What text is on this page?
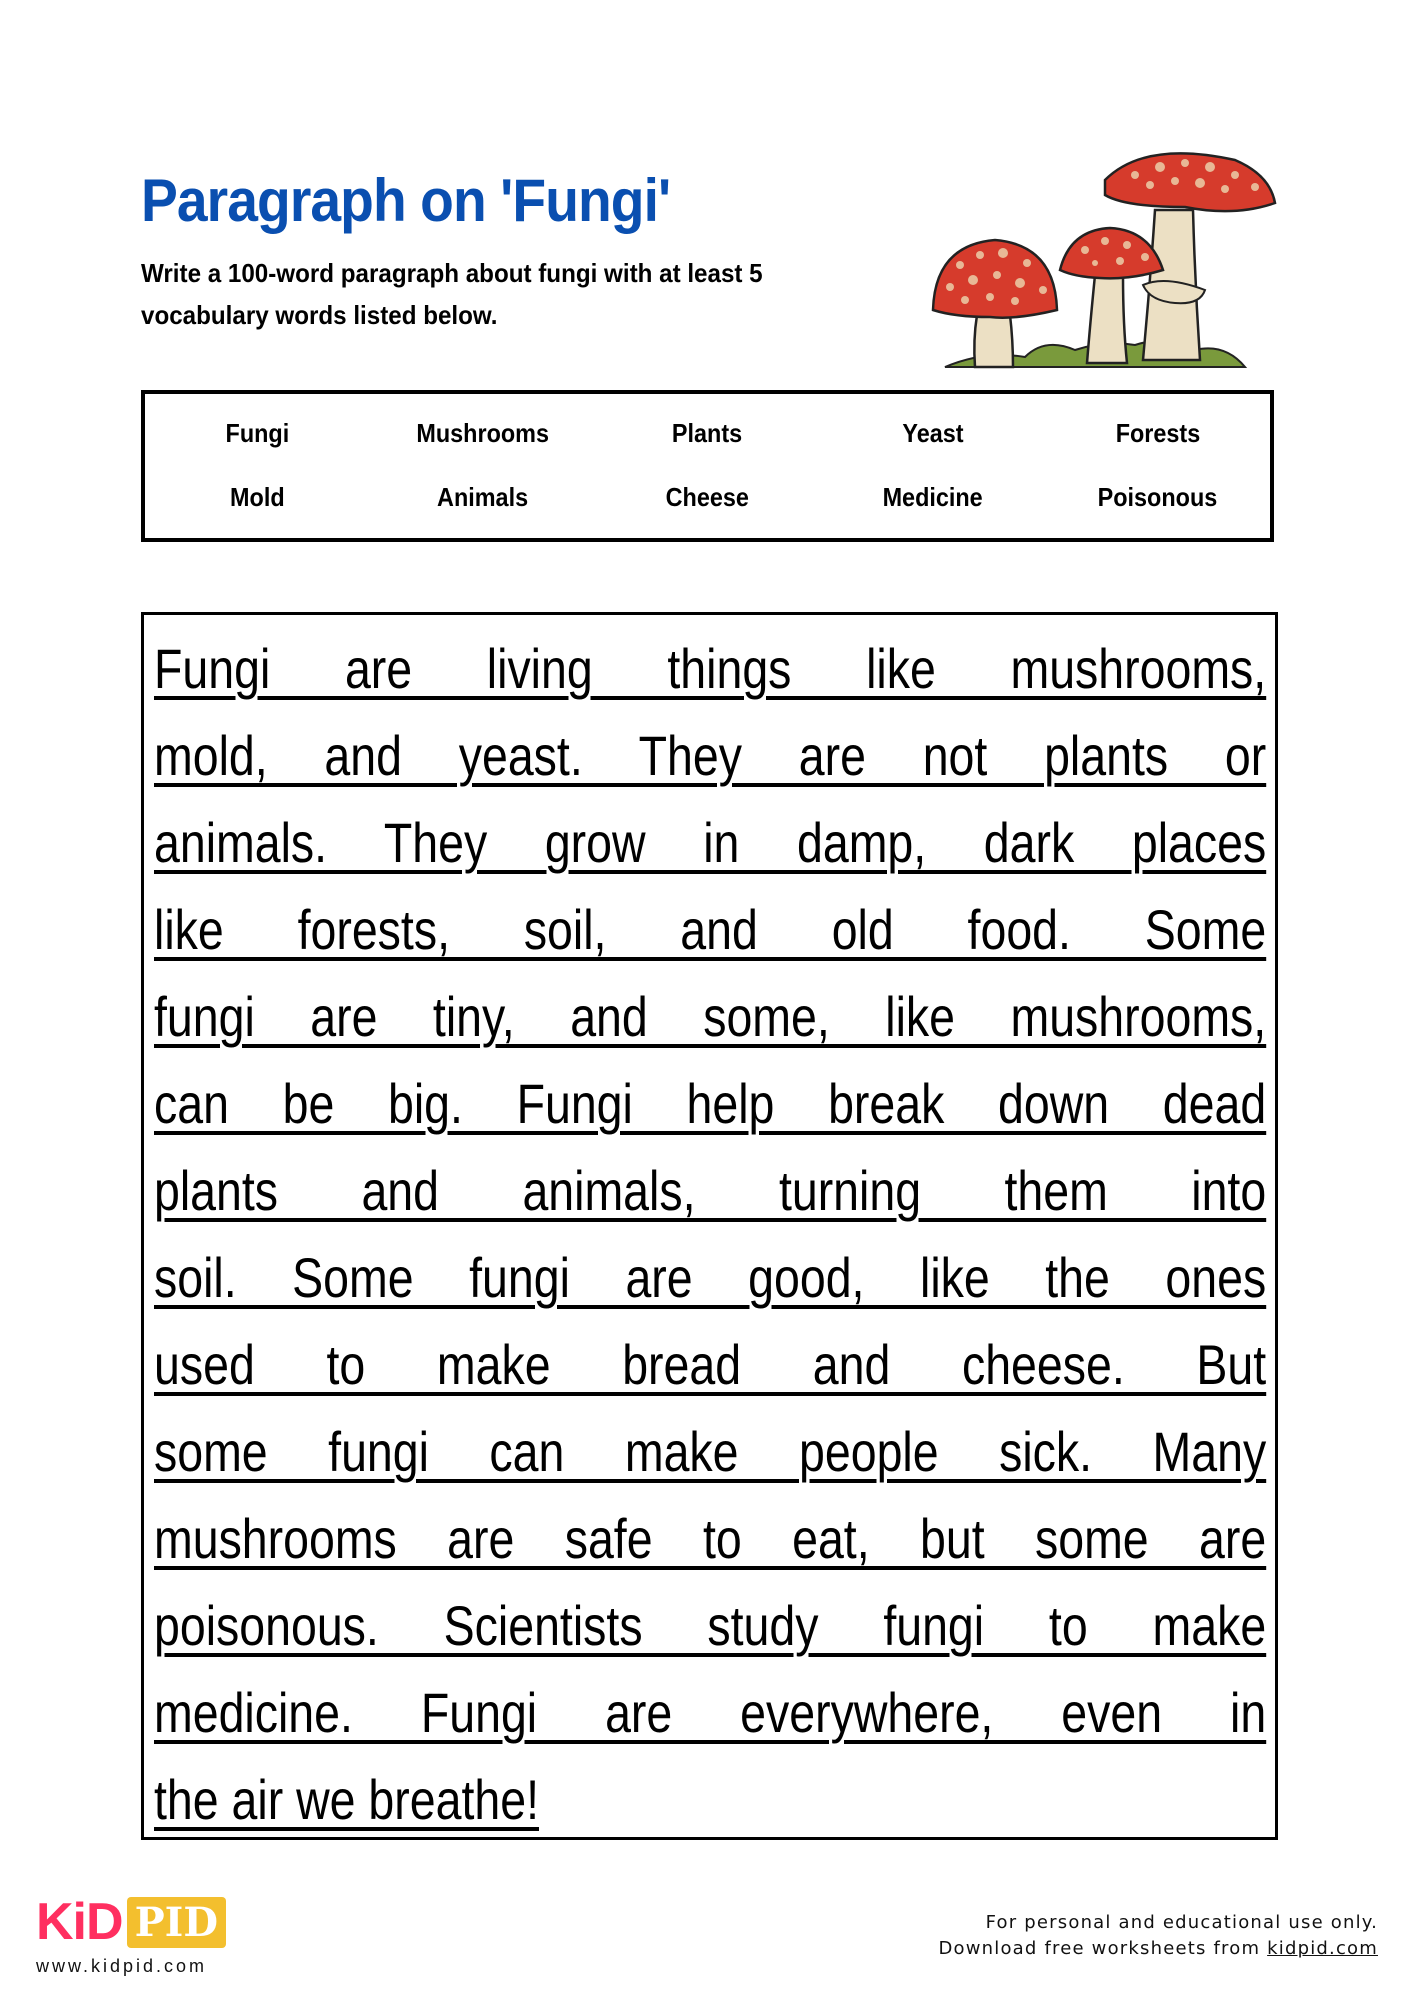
Paragraph on 'Fungi'
Write a 100-word paragraph about fungi with at least 5 vocabulary words listed below.
Fungi	Mushrooms	Plants	Yeast	Forests
Mold	Animals	Cheese	Medicine	Poisonous
Fungi are living things like mushrooms,
mold, and yeast. They are not plants or
animals. They grow in damp, dark places
like forests, soil, and old food. Some
fungi are tiny, and some, like mushrooms,
can be big. Fungi help break down dead
plants and animals, turning them into
soil. Some fungi are good, like the ones
used to make bread and cheese. But
some fungi can make people sick. Many
mushrooms are safe to eat, but some are
poisonous. Scientists study fungi to make
medicine. Fungi are everywhere, even in
the air we breathe!
KiD PID
www.kidpid.com
For personal and educational use only.
Download free worksheets from kidpid.com
